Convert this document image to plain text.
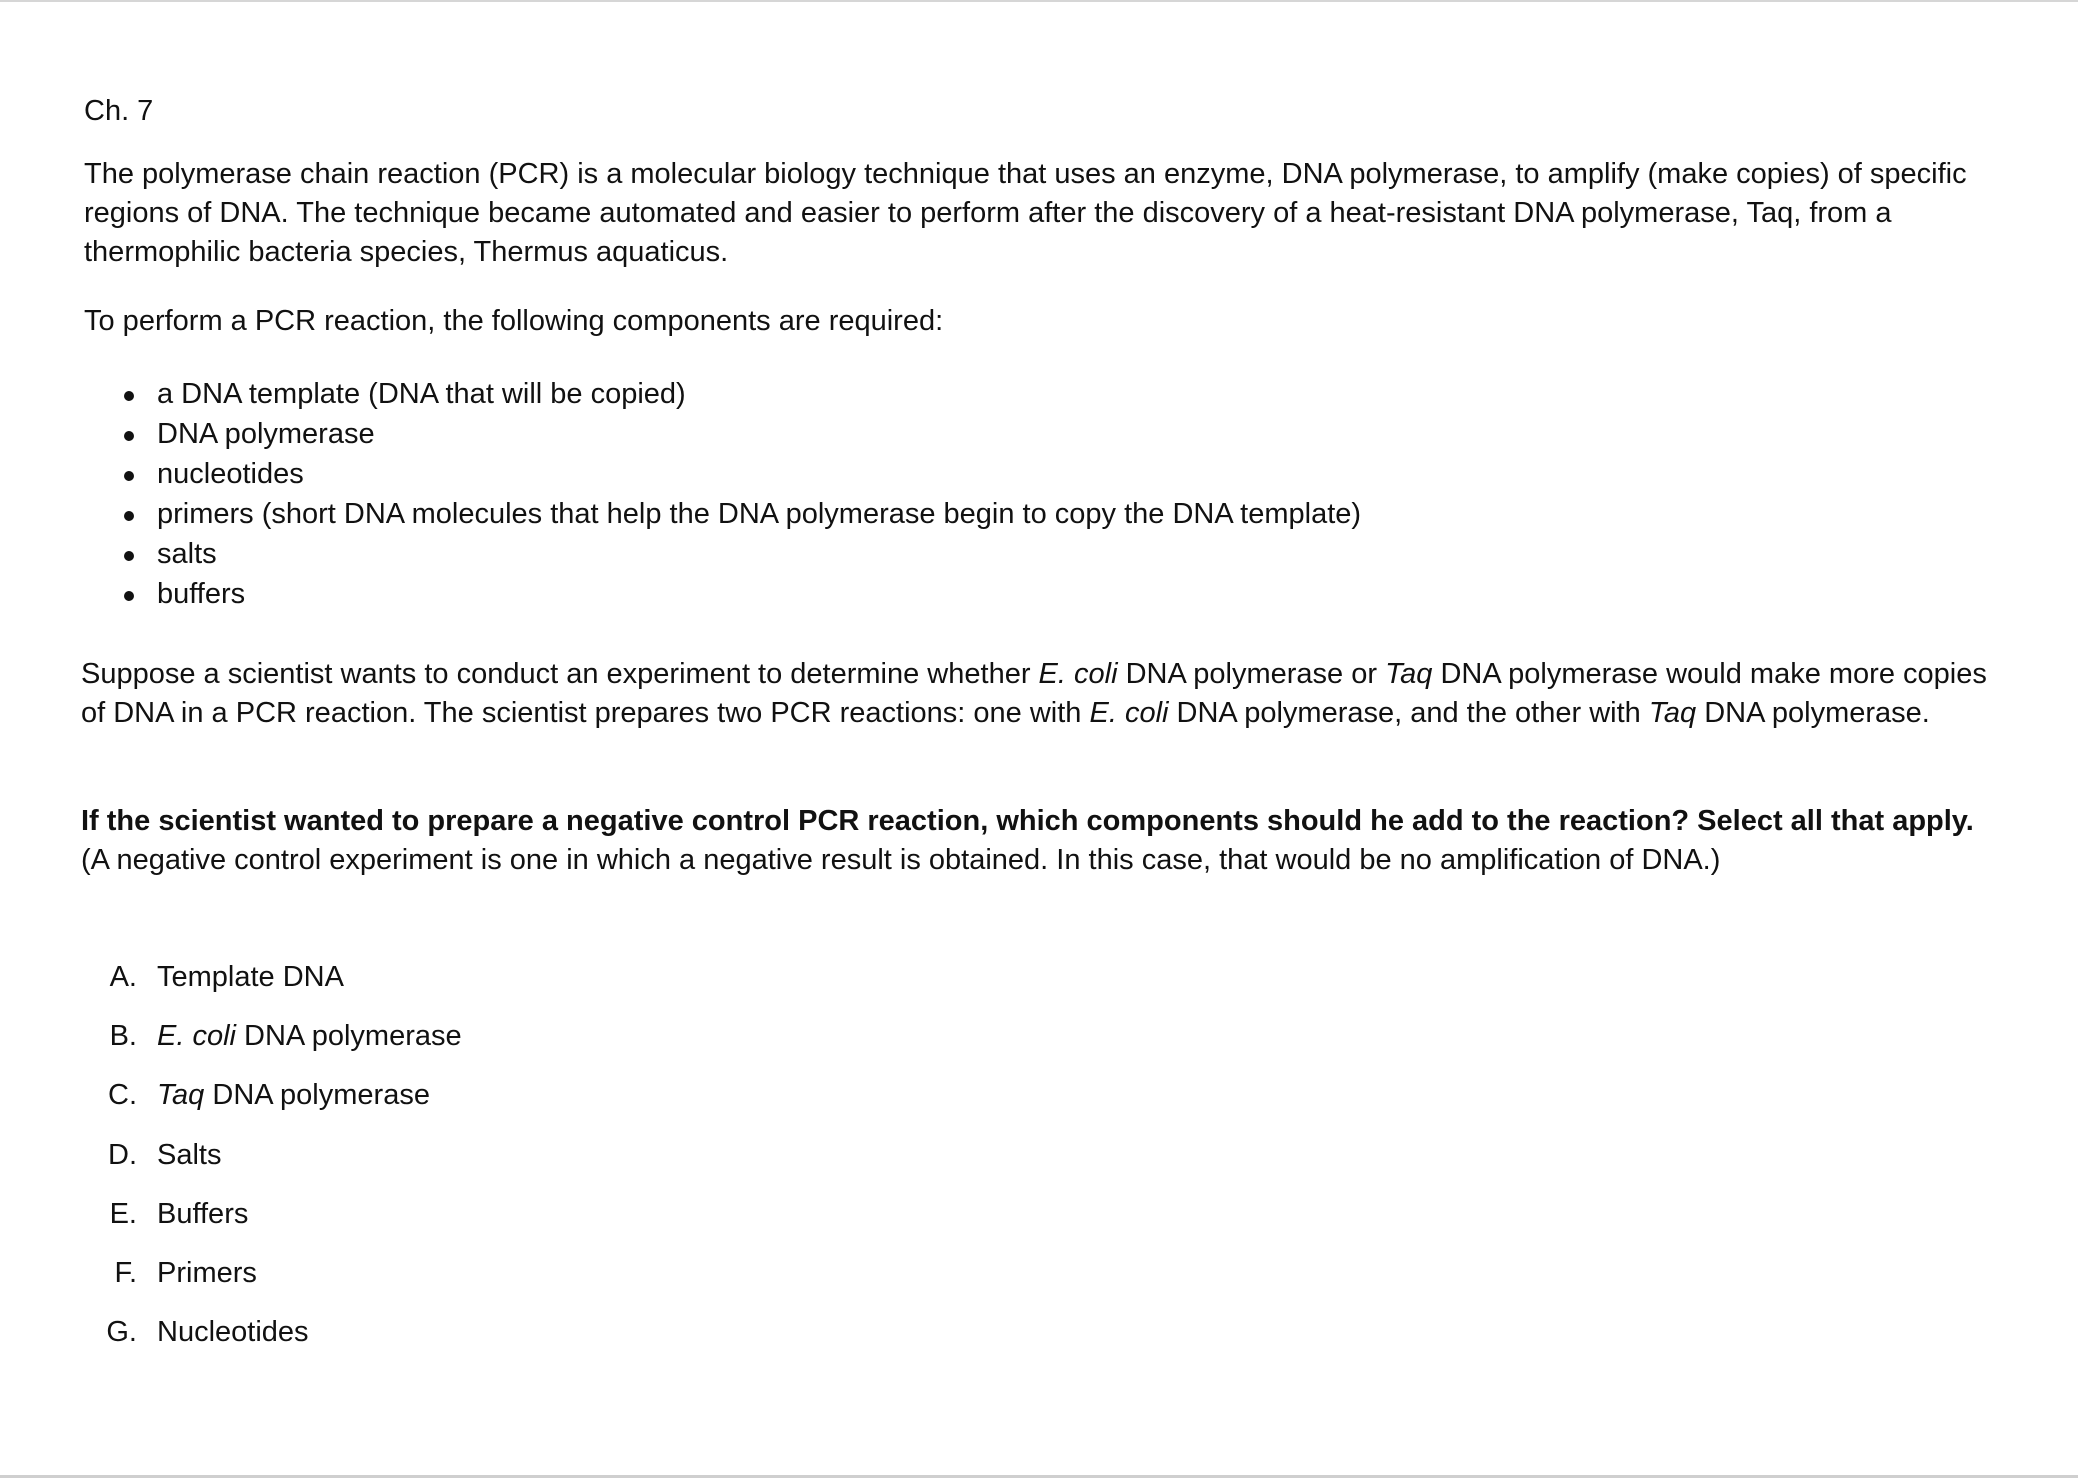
Ch. 7

The polymerase chain reaction (PCR) is a molecular biology technique that uses an enzyme, DNA polymerase, to amplify (make copies) of specific regions of DNA. The technique became automated and easier to perform after the discovery of a heat-resistant DNA polymerase, Taq, from a thermophilic bacteria species, Thermus aquaticus.

To perform a PCR reaction, the following components are required:

a DNA template (DNA that will be copied)
DNA polymerase
nucleotides
primers (short DNA molecules that help the DNA polymerase begin to copy the DNA template)
salts
buffers

Suppose a scientist wants to conduct an experiment to determine whether E. coli DNA polymerase or Taq DNA polymerase would make more copies of DNA in a PCR reaction. The scientist prepares two PCR reactions: one with E. coli DNA polymerase, and the other with Taq DNA polymerase.

If the scientist wanted to prepare a negative control PCR reaction, which components should he add to the reaction? Select all that apply. (A negative control experiment is one in which a negative result is obtained. In this case, that would be no amplification of DNA.)

A. Template DNA
B. E. coli DNA polymerase
C. Taq DNA polymerase
D. Salts
E. Buffers
F. Primers
G. Nucleotides
